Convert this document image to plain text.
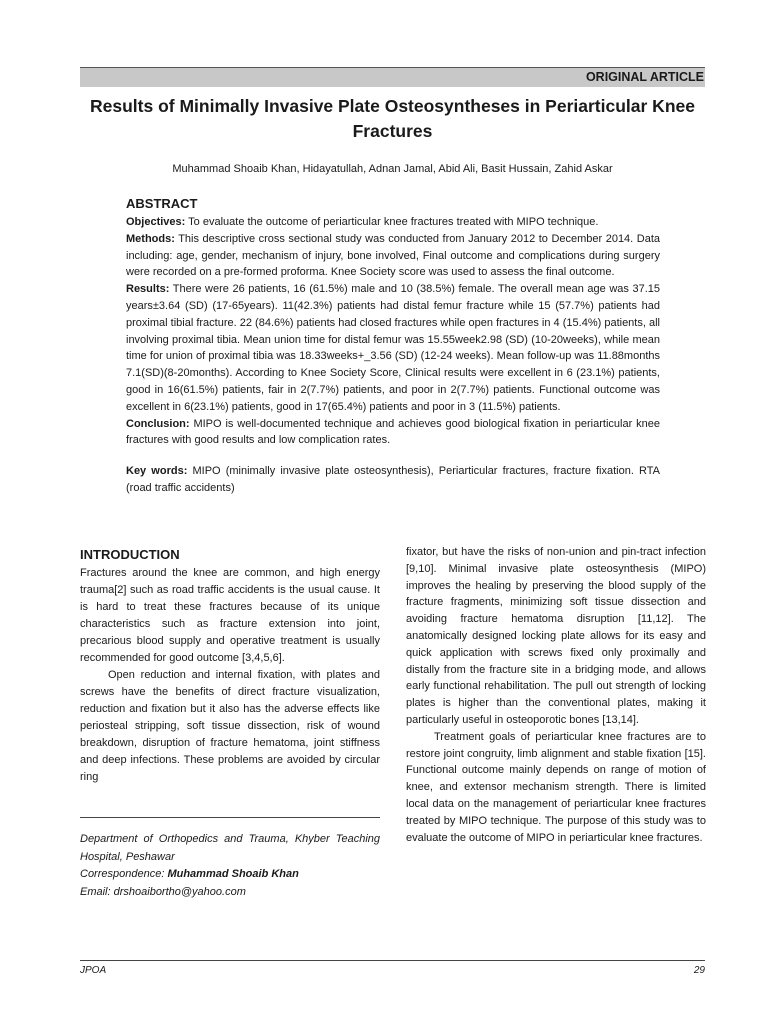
ORIGINAL ARTICLE
Results of Minimally Invasive Plate Osteosyntheses in Periarticular Knee Fractures

Muhammad Shoaib Khan, Hidayatullah, Adnan Jamal, Abid Ali, Basit Hussain, Zahid Askar

ABSTRACT

Objectives: To evaluate the outcome of periarticular knee fractures treated with MIPO technique.

Methods: This descriptive cross sectional study was conducted from January 2012 to December 2014. Data including: age, gender, mechanism of injury, bone involved, Final outcome and complications during surgery were recorded on a pre-formed proforma. Knee Society score was used to assess the final outcome.

Results: There were 26 patients, 16 (61.5%) male and 10 (38.5%) female. The overall mean age was 37.15 years±3.64 (SD) (17-65years). 11(42.3%) patients had distal femur fracture while 15 (57.7%) patients had proximal tibial fracture. 22 (84.6%) patients had closed fractures while open fractures in 4 (15.4%) patients, all involving proximal tibia. Mean union time for distal femur was 15.55week2.98 (SD) (10-20weeks), while mean time for union of proximal tibia was 18.33weeks+_3.56 (SD) (12-24 weeks). Mean follow-up was 11.88months 7.1(SD)(8-20months). According to Knee Society Score, Clinical results were excellent in 6 (23.1%) patients, good in 16(61.5%) patients, fair in 2(7.7%) patients, and poor in 2(7.7%) patients. Functional outcome was excellent in 6(23.1%) patients, good in 17(65.4%) patients and poor in 3 (11.5%) patients.

Conclusion: MIPO is well-documented technique and achieves good biological fixation in periarticular knee fractures with good results and low complication rates.

Key words: MIPO (minimally invasive plate osteosynthesis), Periarticular fractures, fracture fixation. RTA (road traffic accidents)

INTRODUCTION

Fractures around the knee are common, and high energy trauma[2] such as road traffic accidents is the usual cause. It is hard to treat these fractures because of its unique characteristics such as fracture extension into joint, precarious blood supply and operative treatment is usually recommended for good outcome [3,4,5,6].

Open reduction and internal fixation, with plates and screws have the benefits of direct fracture visualization, reduction and fixation but it also has the adverse effects like periosteal stripping, soft tissue dissection, risk of wound breakdown, disruption of fracture hematoma, joint stiffness and deep infections. These problems are avoided by circular ring

fixator, but have the risks of non-union and pin-tract infection [9,10]. Minimal invasive plate osteosynthesis (MIPO) improves the healing by preserving the blood supply of the fracture fragments, minimizing soft tissue dissection and avoiding fracture hematoma disruption [11,12]. The anatomically designed locking plate allows for its easy and quick application with screws fixed only proximally and distally from the fracture site in a bridging mode, and allows early functional rehabilitation. The pull out strength of locking plates is higher than the conventional plates, making it particularly useful in osteoporotic bones [13,14].

Treatment goals of periarticular knee fractures are to restore joint congruity, limb alignment and stable fixation [15]. Functional outcome mainly depends on range of motion of knee, and extensor mechanism strength. There is limited local data on the management of periarticular knee fractures treated by MIPO technique. The purpose of this study was to evaluate the outcome of MIPO in periarticular knee fractures.

Department of Orthopedics and Trauma, Khyber Teaching Hospital, Peshawar

Correspondence: Muhammad Shoaib Khan

Email: drshoaibortho@yahoo.com

JPOA	29
